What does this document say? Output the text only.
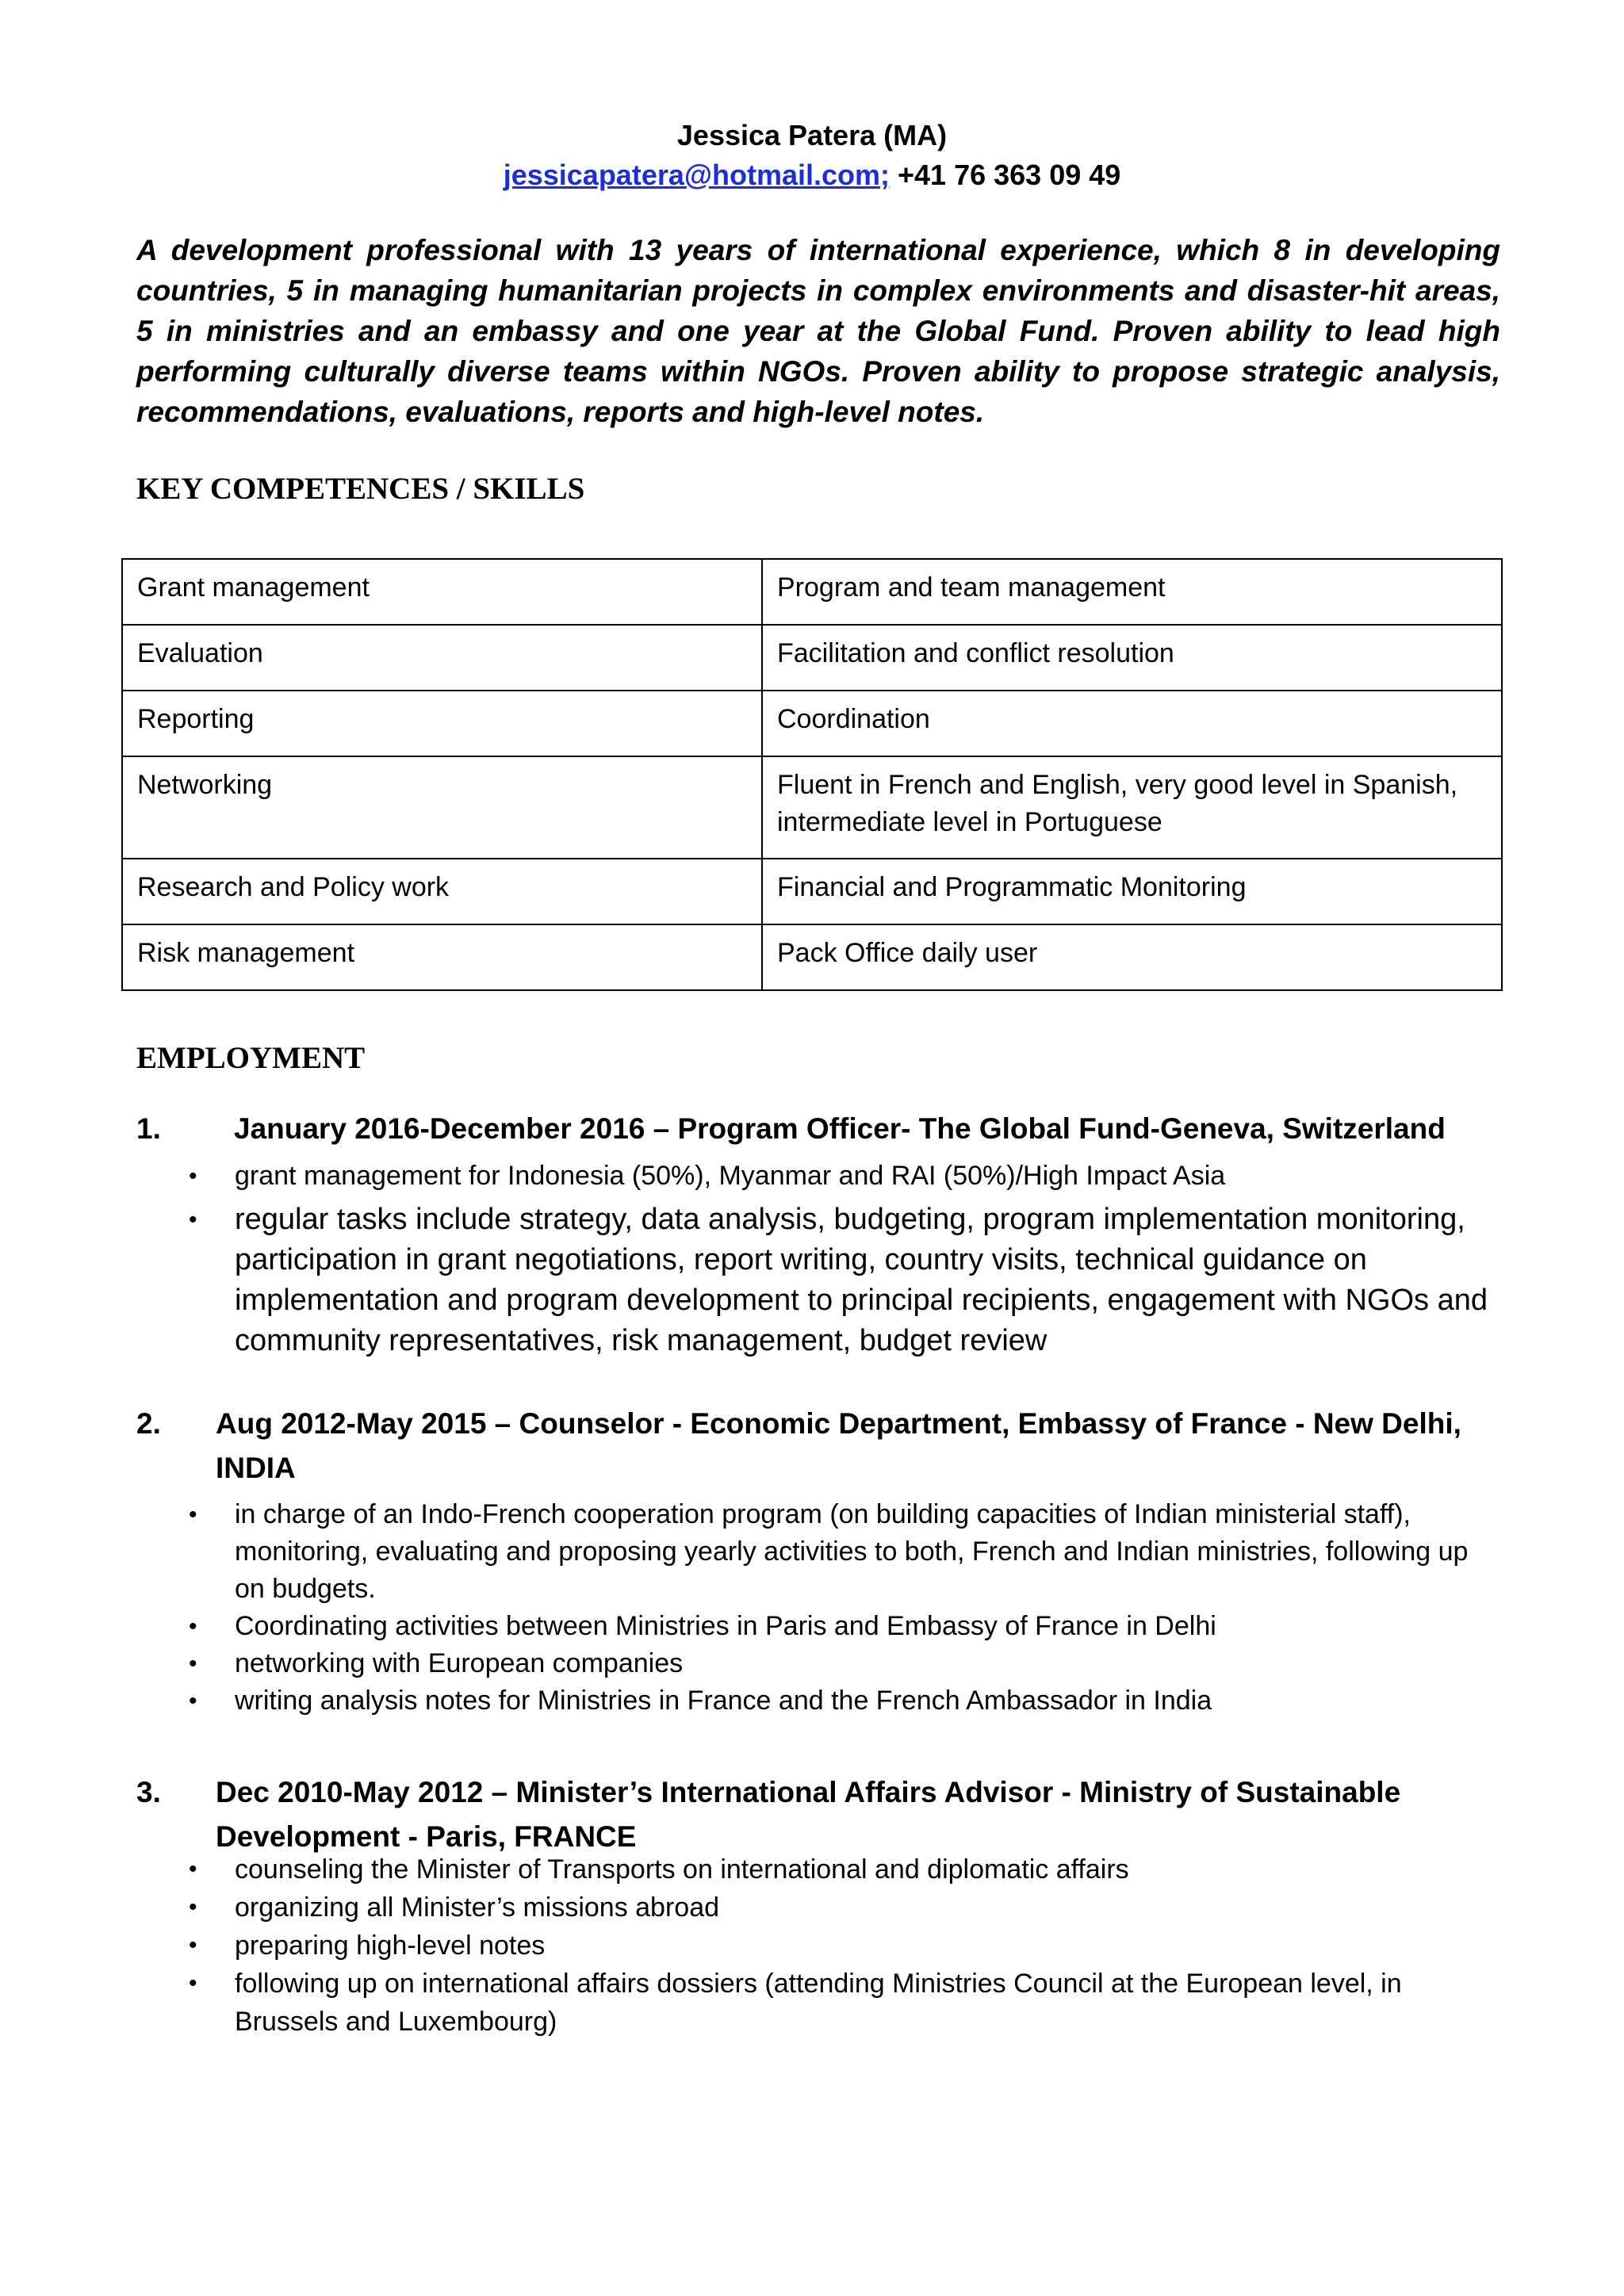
Jessica Patera (MA)
jessicapatera@hotmail.com; +41 76 363 09 49
A development professional with 13 years of international experience, which 8 in developing countries, 5 in managing humanitarian projects in complex environments and disaster-hit areas, 5 in ministries and an embassy and one year at the Global Fund. Proven ability to lead high performing culturally diverse teams within NGOs. Proven ability to propose strategic analysis, recommendations, evaluations, reports and high-level notes.
KEY COMPETENCES / SKILLS
Grant management	Program and team management
Evaluation	Facilitation and conflict resolution
Reporting	Coordination
Networking	Fluent in French and English, very good level in Spanish, intermediate level in Portuguese
Research and Policy work	Financial and Programmatic Monitoring
Risk management	Pack Office daily user
EMPLOYMENT
1. January 2016-December 2016 – Program Officer- The Global Fund-Geneva, Switzerland
• grant management for Indonesia (50%), Myanmar and RAI (50%)/High Impact Asia
• regular tasks include strategy, data analysis, budgeting, program implementation monitoring, participation in grant negotiations, report writing, country visits, technical guidance on implementation and program development to principal recipients, engagement with NGOs and community representatives, risk management, budget review
2. Aug 2012-May 2015 – Counselor - Economic Department, Embassy of France - New Delhi, INDIA
• in charge of an Indo-French cooperation program (on building capacities of Indian ministerial staff), monitoring, evaluating and proposing yearly activities to both, French and Indian ministries, following up on budgets.
• Coordinating activities between Ministries in Paris and Embassy of France in Delhi
• networking with European companies
• writing analysis notes for Ministries in France and the French Ambassador in India
3. Dec 2010-May 2012 – Minister’s International Affairs Advisor - Ministry of Sustainable Development - Paris, FRANCE
• counseling the Minister of Transports on international and diplomatic affairs
• organizing all Minister’s missions abroad
• preparing high-level notes
• following up on international affairs dossiers (attending Ministries Council at the European level, in Brussels and Luxembourg)
